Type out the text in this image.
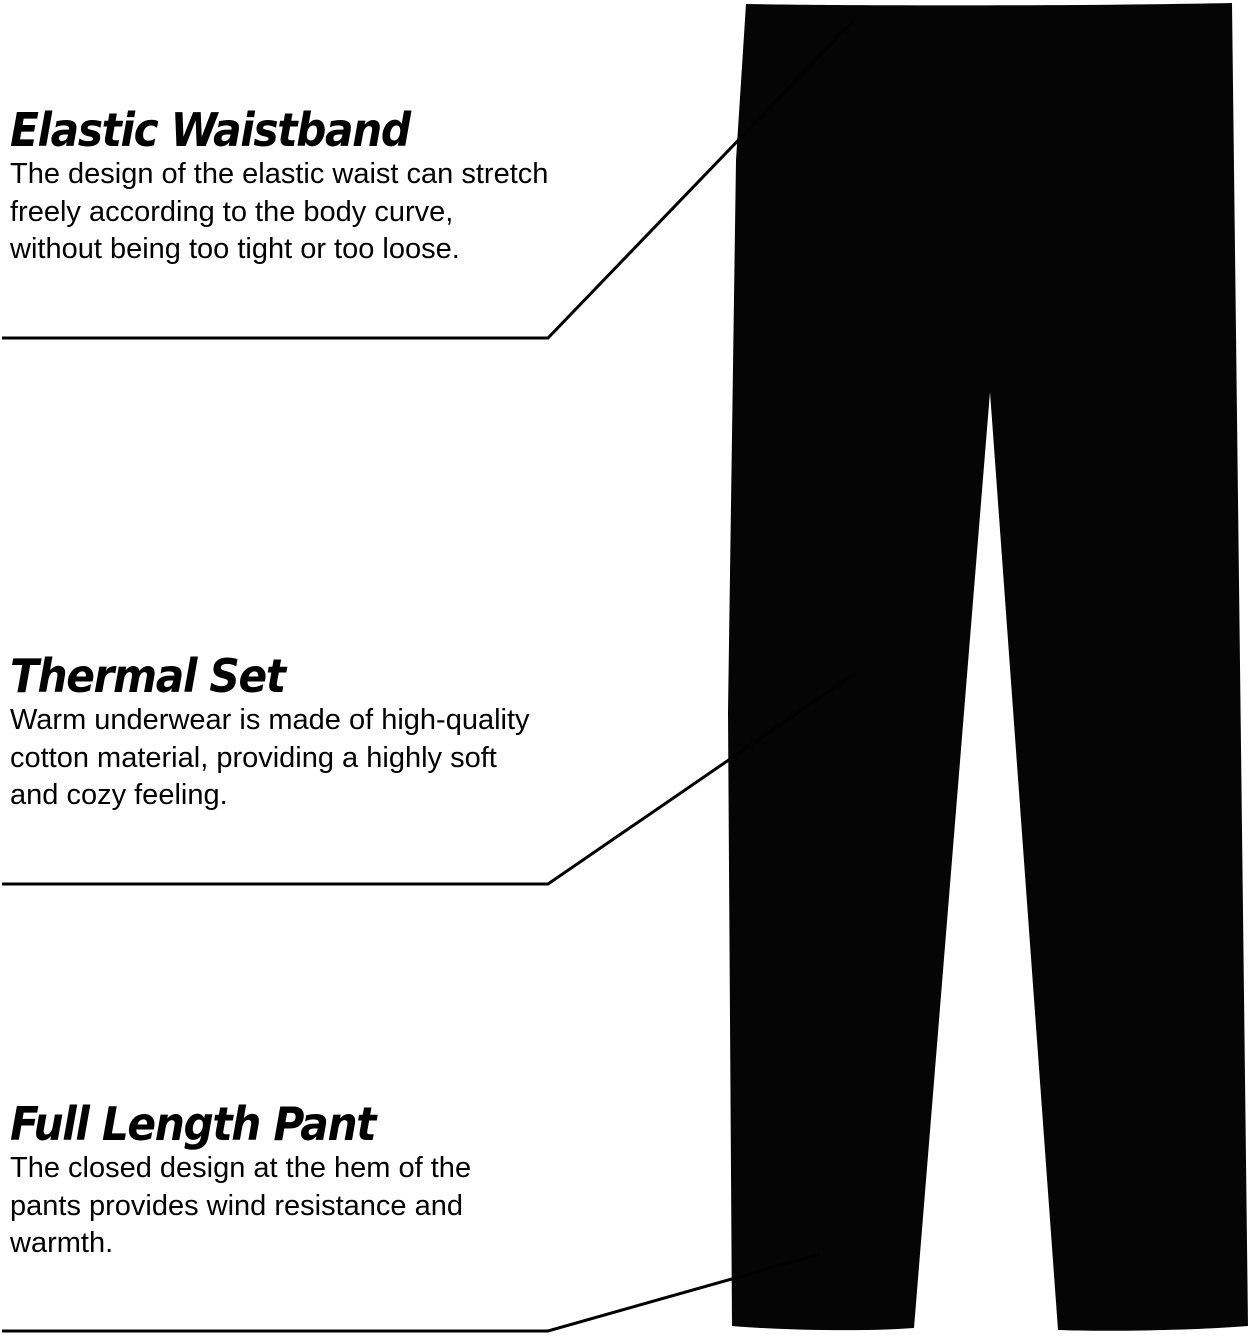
Elastic Waistband

The design of the elastic waist can stretch freely according to the body curve, without being too tight or too loose.

Thermal Set

Warm underwear is made of high-quality cotton material, providing a highly soft and cozy feeling.

Full Length Pant

The closed design at the hem of the pants provides wind resistance and warmth.
